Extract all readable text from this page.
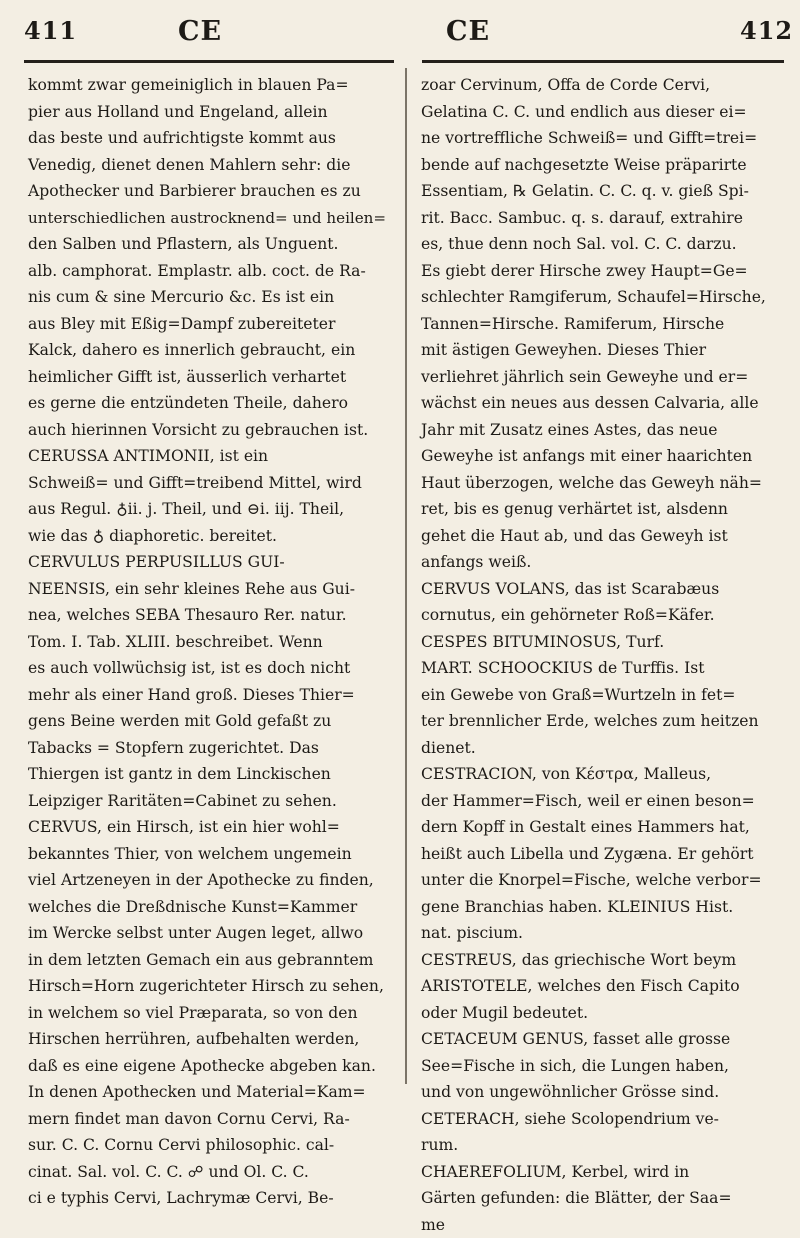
411	CE	CE	412
kommt zwar gemeiniglich in blauen Pa=
pier aus Holland und Engeland, allein
das beste und aufrichtigste kommt aus
Venedig, dienet denen Mahlern sehr: die
Apothecker und Barbierer brauchen es zu
unterschiedlichen austrocknend= und heilen=
den Salben und Pflastern, als Unguent.
alb. camphorat. Emplastr. alb. coct. de Ra-
nis cum & sine Mercurio &c. Es ist ein
aus Bley mit Eßig=Dampf zubereiteter
Kalck, dahero es innerlich gebraucht, ein
heimlicher Gifft ist, äusserlich verhartet
es gerne die entzündeten Theile, dahero
auch hierinnen Vorsicht zu gebrauchen ist.
CERUSSA ANTIMONII, ist ein
Schweiß= und Gifft=treibend Mittel, wird
aus Regul. ♁ii. j. Theil, und ⊖i. iij. Theil,
wie das ♁ diaphoretic. bereitet.
CERVULUS PERPUSILLUS GUI-
NEENSIS, ein sehr kleines Rehe aus Gui-
nea, welches SEBA Thesauro Rer. natur.
Tom. I. Tab. XLIII. beschreibet. Wenn
es auch vollwüchsig ist, ist es doch nicht
mehr als einer Hand groß. Dieses Thier=
gens Beine werden mit Gold gefaßt zu
Tabacks = Stopfern zugerichtet. Das
Thiergen ist gantz in dem Linckischen
Leipziger Raritäten=Cabinet zu sehen.
CERVUS, ein Hirsch, ist ein hier wohl=
bekanntes Thier, von welchem ungemein
viel Artzeneyen in der Apothecke zu finden,
welches die Dreßdnische Kunst=Kammer
im Wercke selbst unter Augen leget, allwo
in dem letzten Gemach ein aus gebranntem
Hirsch=Horn zugerichteter Hirsch zu sehen,
in welchem so viel Præparata, so von den
Hirschen herrühren, aufbehalten werden,
daß es eine eigene Apothecke abgeben kan.
In denen Apothecken und Material=Kam=
mern findet man davon Cornu Cervi, Ra-
sur. C. C. Cornu Cervi philosophic. cal-
cinat. Sal. vol. C. C. ☍ und Ol. C. C.
ci e typhis Cervi, Lachrymæ Cervi, Be-
zoar Cervinum, Offa de Corde Cervi,
Gelatina C. C. und endlich aus dieser ei=
ne vortreffliche Schweiß= und Gifft=trei=
bende auf nachgesetzte Weise präparirte
Essentiam, ℞ Gelatin. C. C. q. v. gieß Spi-
rit. Bacc. Sambuc. q. s. darauf, extrahire
es, thue denn noch Sal. vol. C. C. darzu.
Es giebt derer Hirsche zwey Haupt=Ge=
schlechter Ramgiferum, Schaufel=Hirsche,
Tannen=Hirsche. Ramiferum, Hirsche
mit ästigen Geweyhen. Dieses Thier
verliehret jährlich sein Geweyhe und er=
wächst ein neues aus dessen Calvaria, alle
Jahr mit Zusatz eines Astes, das neue
Geweyhe ist anfangs mit einer haarichten
Haut überzogen, welche das Geweyh näh=
ret, bis es genug verhärtet ist, alsdenn
gehet die Haut ab, und das Geweyh ist
anfangs weiß.
CERVUS VOLANS, das ist Scarabæus
cornutus, ein gehörneter Roß=Käfer.
CESPES BITUMINOSUS, Turf.
MART. SCHOOCKIUS de Turffis. Ist
ein Gewebe von Graß=Wurtzeln in fet=
ter brennlicher Erde, welches zum heitzen
dienet.
CESTRACION, von Κέστρα, Malleus,
der Hammer=Fisch, weil er einen beson=
dern Kopff in Gestalt eines Hammers hat,
heißt auch Libella und Zygæna. Er gehört
unter die Knorpel=Fische, welche verbor=
gene Branchias haben. KLEINIUS Hist.
nat. piscium.
CESTREUS, das griechische Wort beym
ARISTOTELE, welches den Fisch Capito
oder Mugil bedeutet.
CETACEUM GENUS, fasset alle grosse
See=Fische in sich, die Lungen haben,
und von ungewöhnlicher Grösse sind.
CETERACH, siehe Scolopendrium ve-
rum.
CHAEREFOLIUM, Kerbel, wird in
Gärten gefunden: die Blätter, der Saa=
me
